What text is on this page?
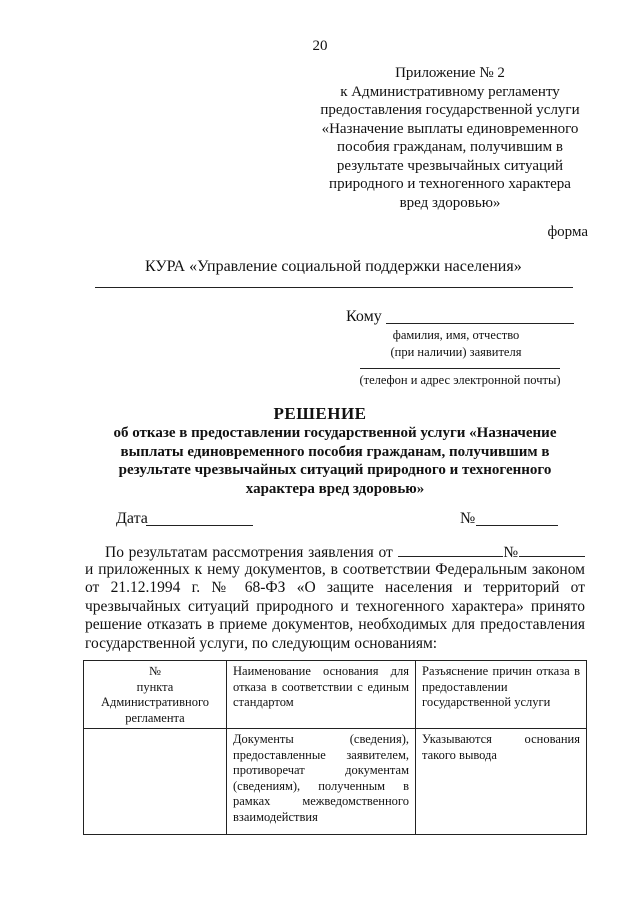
20
Приложение № 2
к Административному регламенту
предоставления государственной услуги
«Назначение выплаты единовременного
пособия гражданам, получившим в
результате чрезвычайных ситуаций
природного и техногенного характера
вред здоровью»
форма
КУРА «Управление социальной поддержки населения»
Кому
фамилия, имя, отчество
(при наличии) заявителя
(телефон и адрес электронной почты)
РЕШЕНИЕ
об отказе в предоставлении государственной услуги «Назначение
выплаты единовременного пособия гражданам, получившим в
результате чрезвычайных ситуаций природного и техногенного
характера вред здоровью»
Дата	№
По результатам рассмотрения заявления от	№
и приложенных к нему документов, в соответствии Федеральным законом
от 21.12.1994 г. № 68-ФЗ «О защите населения и территорий от
чрезвычайных ситуаций природного и техногенного характера» принято
решение отказать в приеме документов, необходимых для предоставления
государственной услуги, по следующим основаниям:
№
пункта
Административного
регламента	Наименование основания для отказа в соответствии с единым стандартом	Разъяснение причин отказа в предоставлении государственной услуги
	Документы (сведения), предоставленные заявителем, противоречат документам (сведениям), полученным в рамках межведомственного взаимодействия	Указываются основания такого вывода
